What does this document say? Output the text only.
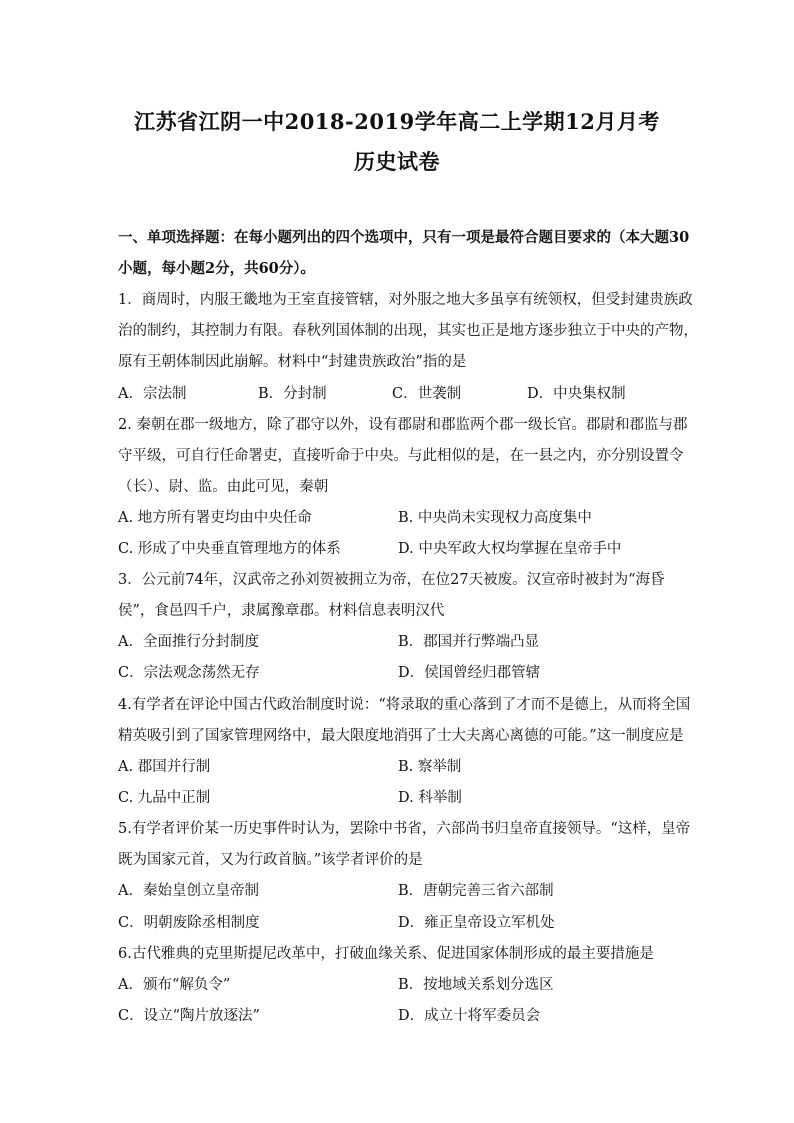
江苏省江阴一中2018-2019学年高二上学期12月月考
历史试卷
一、单项选择题：在每小题列出的四个选项中，只有一项是最符合题目要求的（本大题30
小题，每小题2分，共60分）。
1．商周时，内服王畿地为王室直接管辖，对外服之地大多虽享有统领权，但受封建贵族政
治的制约，其控制力有限。春秋列国体制的出现，其实也正是地方逐步独立于中央的产物，
原有王朝体制因此崩解。材料中“封建贵族政治”指的是
A．宗法制	B．分封制	C．世袭制	D．中央集权制
2. 秦朝在郡一级地方，除了郡守以外，设有郡尉和郡监两个郡一级长官。郡尉和郡监与郡
守平级，可自行任命署吏，直接听命于中央。与此相似的是，在一县之内，亦分别设置令
（长）、尉、监。由此可见，秦朝
A. 地方所有署吏均由中央任命	B. 中央尚未实现权力高度集中
C. 形成了中央垂直管理地方的体系	D. 中央军政大权均掌握在皇帝手中
3．公元前74年，汉武帝之孙刘贺被拥立为帝，在位27天被废。汉宣帝时被封为“海昏
侯”，食邑四千户，隶属豫章郡。材料信息表明汉代
A．全面推行分封制度	B．郡国并行弊端凸显
C．宗法观念荡然无存	D．侯国曾经归郡管辖
4.有学者在评论中国古代政治制度时说：“将录取的重心落到了才而不是德上，从而将全国
精英吸引到了国家管理网络中，最大限度地消弭了士大夫离心离德的可能。”这一制度应是
A. 郡国并行制	B. 察举制
C. 九品中正制	D. 科举制
5.有学者评价某一历史事件时认为，罢除中书省，六部尚书归皇帝直接领导。“这样，皇帝
既为国家元首，又为行政首脑。”该学者评价的是
A．秦始皇创立皇帝制	B．唐朝完善三省六部制
C．明朝废除丞相制度	D．雍正皇帝设立军机处
6.古代雅典的克里斯提尼改革中，打破血缘关系、促进国家体制形成的最主要措施是
A．颁布“解负令”	B．按地域关系划分选区
C．设立“陶片放逐法”	D．成立十将军委员会
